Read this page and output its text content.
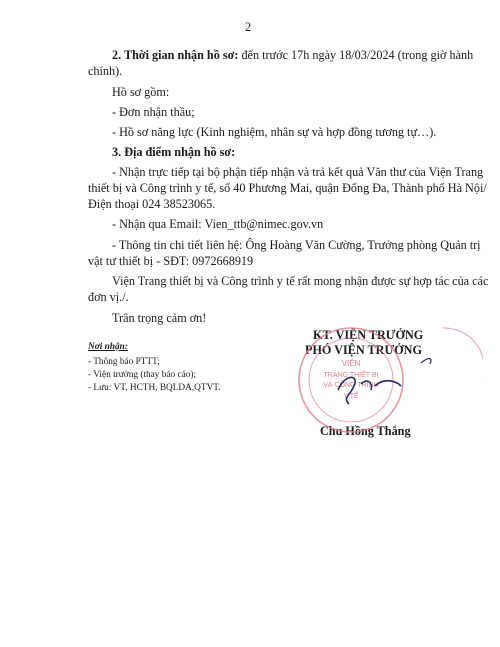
2
2. Thời gian nhận hồ sơ: đến trước 17h ngày 18/03/2024 (trong giờ hành
chính).
Hồ sơ gồm:
- Đơn nhận thầu;
- Hồ sơ năng lực (Kinh nghiệm, nhân sự và hợp đồng tương tự…).
3. Địa điểm nhận hồ sơ:
- Nhận trực tiếp tại bộ phận tiếp nhận và trả kết quả Văn thư của Viện Trang
thiết bị và Công trình y tế, số 40 Phương Mai, quận Đống Đa, Thành phố Hà Nội/
Điện thoại 024 38523065.
- Nhận qua Email: Vien_ttb@nimec.gov.vn
- Thông tin chi tiết liên hệ: Ông Hoàng Văn Cường, Trưởng phòng Quản trị
vật tư thiết bị - SĐT: 0972668919
Viện Trang thiết bị và Công trình y tế rất mong nhận được sự hợp tác của các
đơn vị./.
Trân trọng cảm ơn!
Nơi nhận:
- Thông báo PTTT;
- Viện trưởng (thay báo cáo);
- Lưu: VT, HCTH, BQLDA,QTVT.
KT. VIỆN TRƯỞNG
PHÓ VIỆN TRƯỞNG
Chu Hồng Thắng
VIỆN
TRANG THIẾT BỊ
VÀ CÔNG TRÌNH
Y TẾ
